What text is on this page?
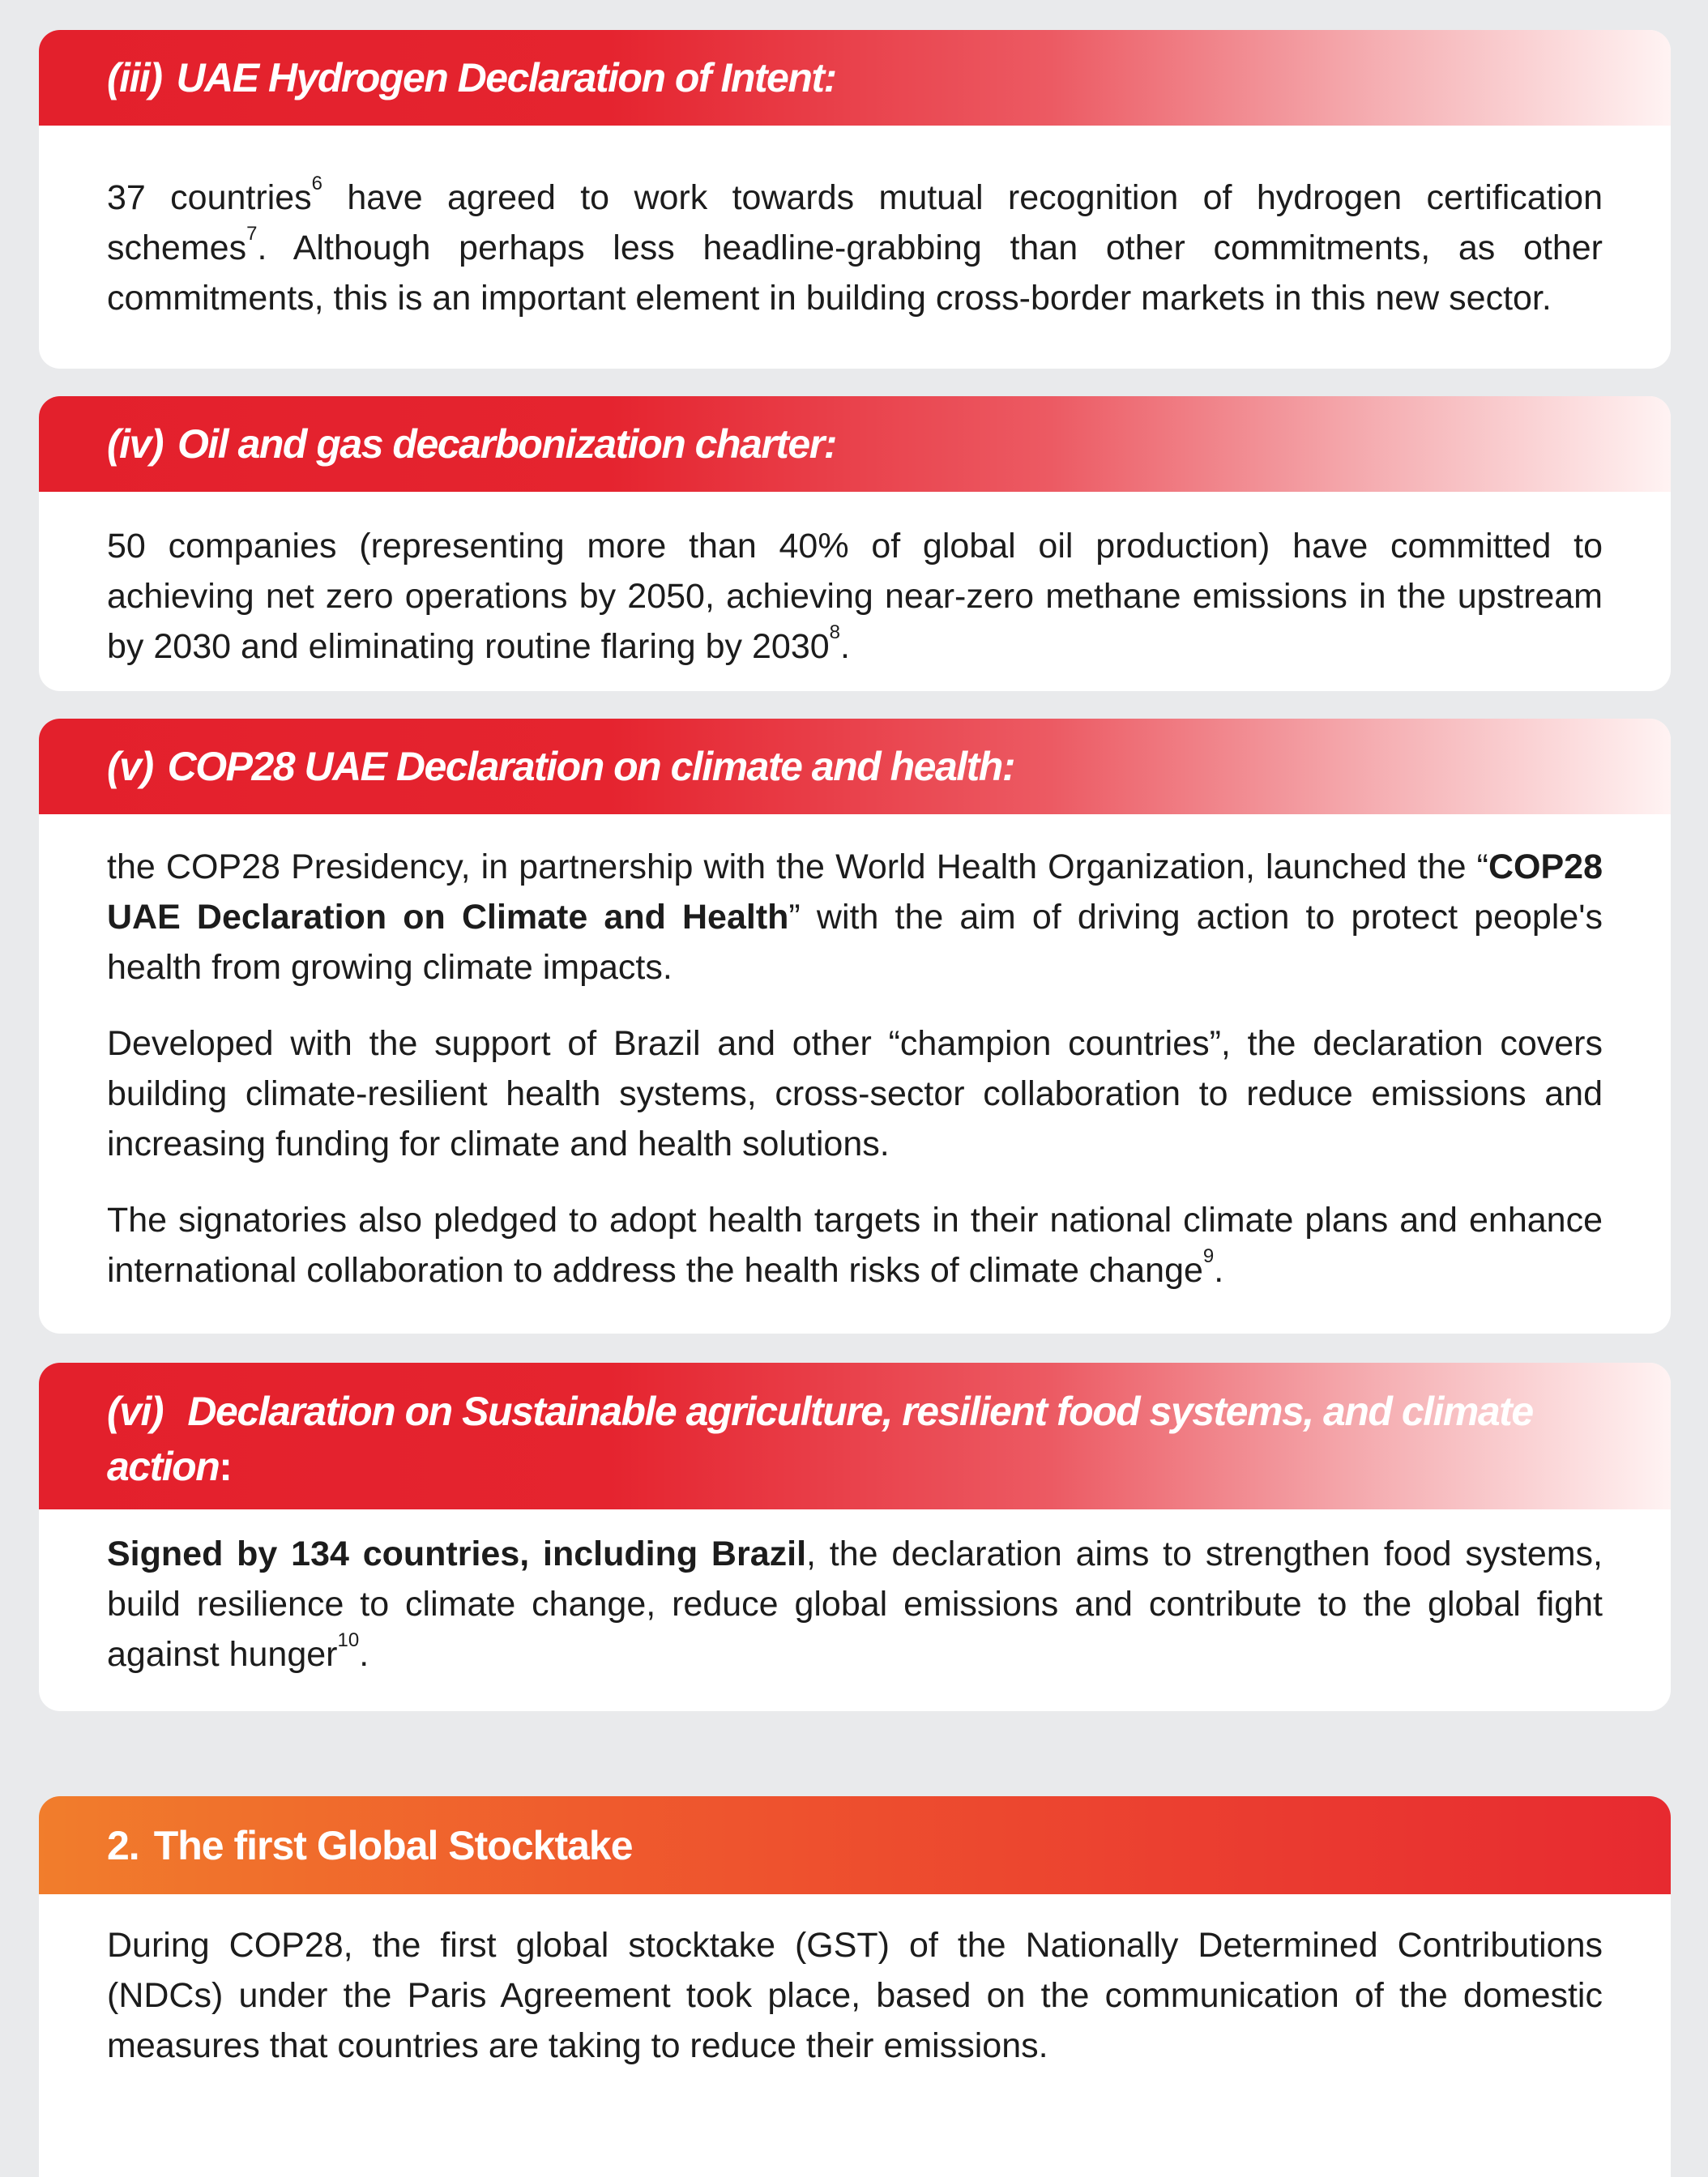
(iii) UAE Hydrogen Declaration of Intent:

37 countries$^6$ have agreed to work towards mutual recognition of hydrogen certification schemes$^7$. Although perhaps less headline-grabbing than other commitments, as other commitments, this is an important element in building cross-border markets in this new sector.

(iv) Oil and gas decarbonization charter:

50 companies (representing more than 40% of global oil production) have committed to achieving net zero operations by 2050, achieving near-zero methane emissions in the upstream by 2030 and eliminating routine flaring by 2030$^8$.

(v) COP28 UAE Declaration on climate and health:

the COP28 Presidency, in partnership with the World Health Organization, launched the “COP28 UAE Declaration on Climate and Health” with the aim of driving action to protect people's health from growing climate impacts.

Developed with the support of Brazil and other “champion countries”, the declaration covers building climate-resilient health systems, cross-sector collaboration to reduce emissions and increasing funding for climate and health solutions.

The signatories also pledged to adopt health targets in their national climate plans and enhance international collaboration to address the health risks of climate change$^9$.

(vi) Declaration on Sustainable agriculture, resilient food systems, and climate action:

Signed by 134 countries, including Brazil, the declaration aims to strengthen food systems, build resilience to climate change, reduce global emissions and contribute to the global fight against hunger$^{10}$.

2. The first Global Stocktake

During COP28, the first global stocktake (GST) of the Nationally Determined Contributions (NDCs) under the Paris Agreement took place, based on the communication of the domestic measures that countries are taking to reduce their emissions.
